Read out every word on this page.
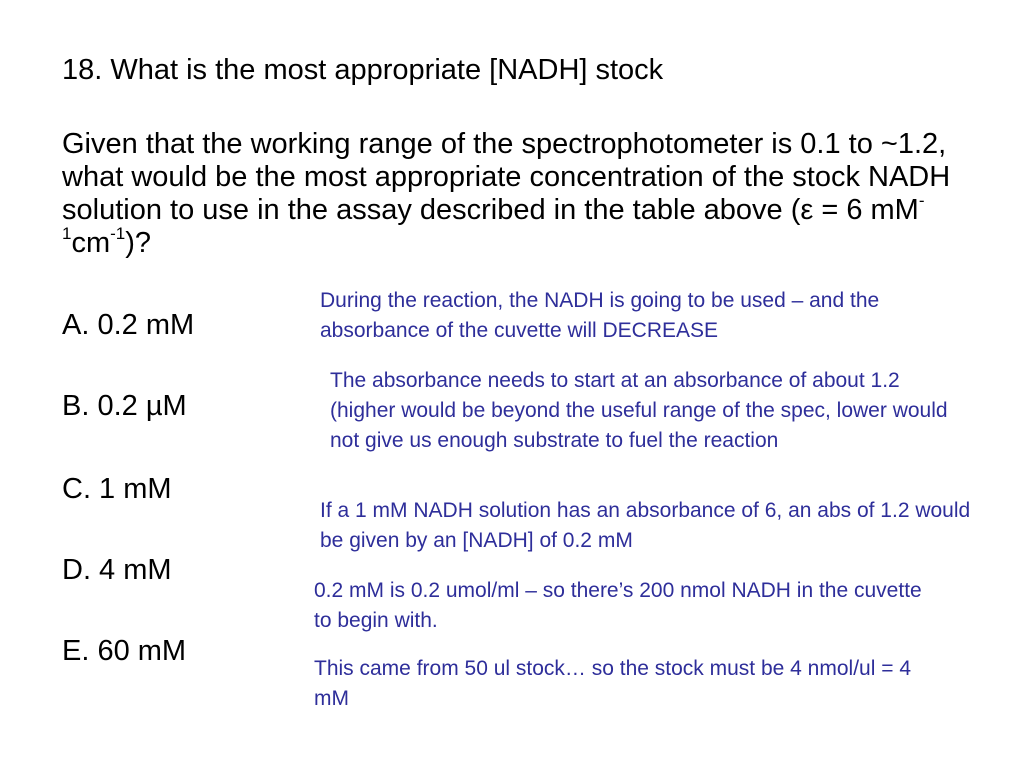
18. What is the most appropriate [NADH] stock
Given that the working range of the spectrophotometer is 0.1 to ~1.2, what would be the most appropriate concentration of the stock NADH solution to use in the assay described in the table above (ε = 6 $mM^{-1}cm^{-1}$)?
A. 0.2 mM
B. 0.2 µM
C. 1 mM
D. 4 mM
E. 60 mM
During the reaction, the NADH is going to be used – and the absorbance of the cuvette will DECREASE
The absorbance needs to start at an absorbance of about 1.2 (higher would be beyond the useful range of the spec, lower would not give us enough substrate to fuel the reaction
If a 1 mM NADH solution has an absorbance of 6, an abs of 1.2 would be given by an [NADH] of 0.2 mM
0.2 mM is 0.2 umol/ml – so there’s 200 nmol NADH in the cuvette to begin with.
This came from 50 ul stock… so the stock must be 4 nmol/ul = 4 mM
